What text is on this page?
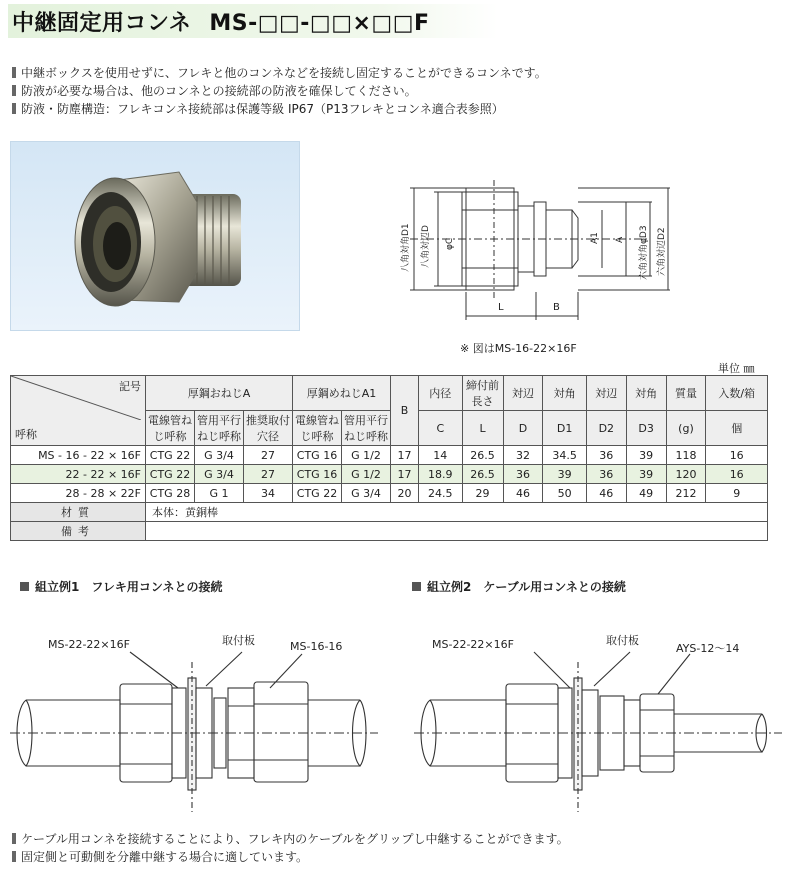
中継固定用コンネ MS-□□-□□×□□F
中継ボックスを使用せずに、フレキと他のコンネなどを接続し固定することができるコンネです。
防液が必要な場合は、他のコンネとの接続部の防液を確保してください。
防液・防塵構造：フレキコンネ接続部は保護等級 IP67（P13フレキとコンネ適合表参照）
L	B
A1 A
八角対角D1 八角対辺D φC	六角対角φD3 六角対辺D2
※ 図はMS-16-22×16F
単位 ㎜
記号
呼称	厚鋼おねじA			厚鋼めねじA1		B	内径	締付前長さ	対辺	対角	対辺	対角	質量	入数/箱
	電線管ねじ呼称	管用平行ねじ呼称	推奨取付穴径	電線管ねじ呼称	管用平行ねじ呼称		C	L	D	D1	D2	D3	(g)	個
MS - 16 - 22 × 16F	CTG 22	G 3/4	27	CTG 16	G 1/2	17	14	26.5	32	34.5	36	39	118	16
22 - 22 × 16F	CTG 22	G 3/4	27	CTG 16	G 1/2	17	18.9	26.5	36	39	36	39	120	16
28 - 28 × 22F	CTG 28	G 1	34	CTG 22	G 3/4	20	24.5	29	46	50	46	49	212	9
材質	本体：黄銅棒													
備考														
組立例1　フレキ用コンネとの接続
MS-22-22×16F	取付板	MS-16-16
組立例2　ケーブル用コンネとの接続
MS-22-22×16F	取付板
AYS-12～14
ケーブル用コンネを接続することにより、フレキ内のケーブルをグリップし中継することができます。
固定側と可動側を分離中継する場合に適しています。
